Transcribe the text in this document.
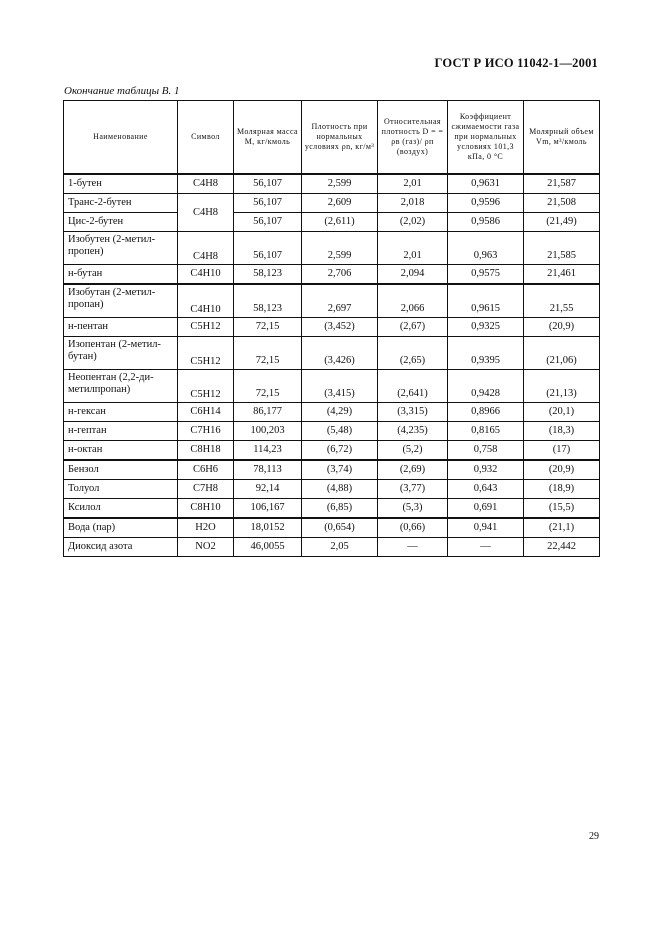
ГОСТ Р ИСО 11042-1—2001
Окончание таблицы В. 1
Наименование	Символ	Молярная масса M, кг/кмоль	Плотность при нормальных условиях ρn, кг/м³	Относительная плотность D = = ρв (газ)/ ρп (воздух)	Коэффициент сжимаемости газа при нормальных условиях 101,3 кПа, 0 °С	Молярный объем Vm, м³/кмоль
1-бутен	C4H8	56,107	2,599	2,01	0,9631	21,587
Транс-2-бутен	C4H8	56,107	2,609	2,018	0,9596	21,508
Цис-2-бутен		56,107	(2,611)	(2,02)	0,9586	(21,49)
Изобутен (2-метил-пропен)	C4H8	56,107	2,599	2,01	0,963	21,585
н-бутан	C4H10	58,123	2,706	2,094	0,9575	21,461
Изобутан (2-метил-пропан)	C4H10	58,123	2,697	2,066	0,9615	21,55
н-пентан	C5H12	72,15	(3,452)	(2,67)	0,9325	(20,9)
Изопентан (2-метил-бутан)	C5H12	72,15	(3,426)	(2,65)	0,9395	(21,06)
Неопентан (2,2-ди-метилпропан)	C5H12	72,15	(3,415)	(2,641)	0,9428	(21,13)
н-гексан	C6H14	86,177	(4,29)	(3,315)	0,8966	(20,1)
н-гептан	C7H16	100,203	(5,48)	(4,235)	0,8165	(18,3)
н-октан	C8H18	114,23	(6,72)	(5,2)	0,758	(17)
Бензол	C6H6	78,113	(3,74)	(2,69)	0,932	(20,9)
Толуол	C7H8	92,14	(4,88)	(3,77)	0,643	(18,9)
Ксилол	C8H10	106,167	(6,85)	(5,3)	0,691	(15,5)
Вода (пар)	H2O	18,0152	(0,654)	(0,66)	0,941	(21,1)
Диоксид азота	NO2	46,0055	2,05	—	—	22,442
29
